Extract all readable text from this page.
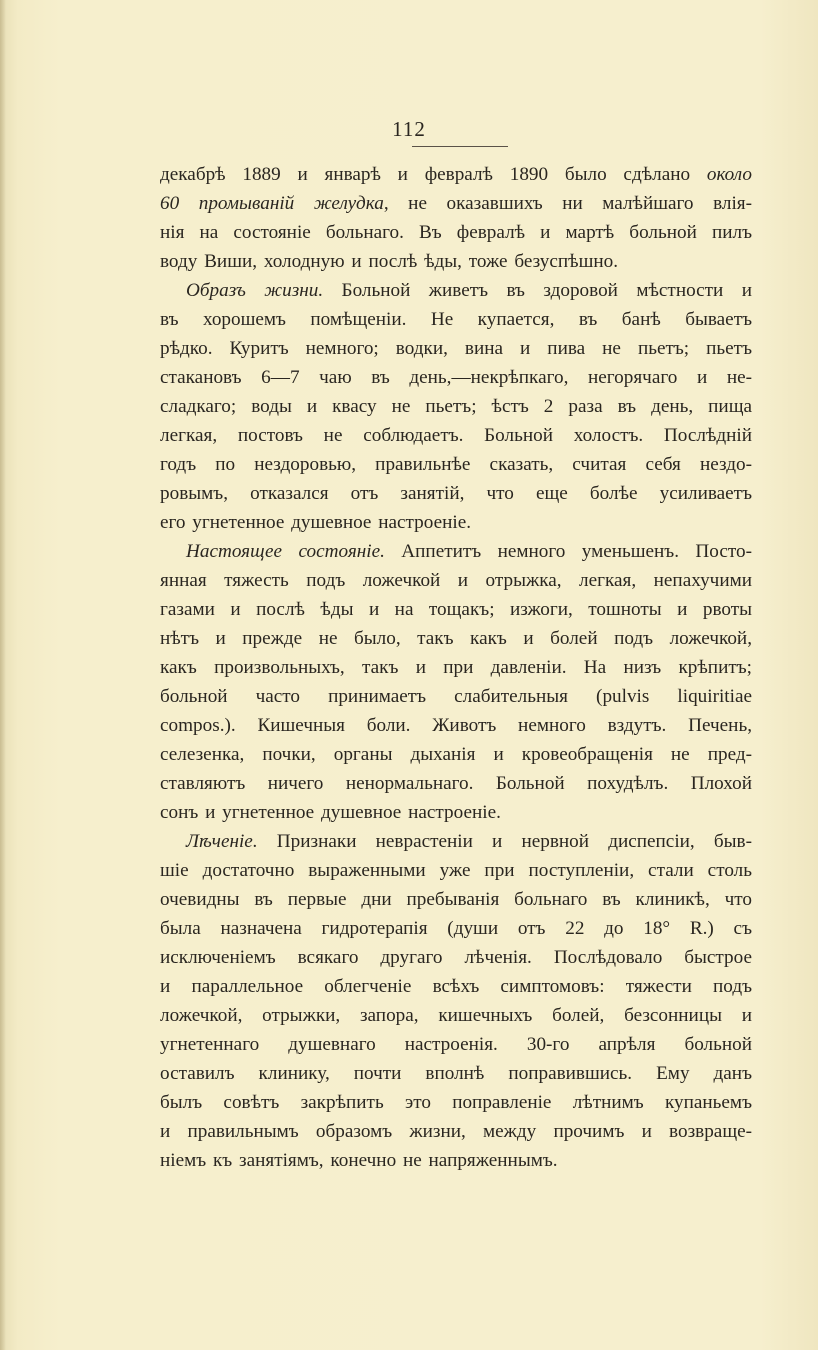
112
декабрѣ 1889 и январѣ и февралѣ 1890 было сдѣлано около
60 промываній желудка, не оказавшихъ ни малѣйшаго влія-
нія на состояніе больнаго. Въ февралѣ и мартѣ больной пилъ
воду Виши, холодную и послѣ ѣды, тоже безуспѣшно.
Образъ жизни. Больной живетъ въ здоровой мѣстности и
въ хорошемъ помѣщеніи. Не купается, въ банѣ бываетъ
рѣдко. Куритъ немного; водки, вина и пива не пьетъ; пьетъ
стакановъ 6—7 чаю въ день,—некрѣпкаго, негорячаго и не-
сладкаго; воды и квасу не пьетъ; ѣстъ 2 раза въ день, пища
легкая, постовъ не соблюдаетъ. Больной холостъ. Послѣдній
годъ по нездоровью, правильнѣе сказать, считая себя нездо-
ровымъ, отказался отъ занятій, что еще болѣе усиливаетъ
его угнетенное душевное настроеніе.
Настоящее состояніе. Аппетитъ немного уменьшенъ. Посто-
янная тяжесть подъ ложечкой и отрыжка, легкая, непахучими
газами и послѣ ѣды и на тощакъ; изжоги, тошноты и рвоты
нѣтъ и прежде не было, такъ какъ и болей подъ ложечкой,
какъ произвольныхъ, такъ и при давленіи. На низъ крѣпитъ;
больной часто принимаетъ слабительныя (pulvis liquiritiae
compos.). Кишечныя боли. Животъ немного вздутъ. Печень,
селезенка, почки, органы дыханія и кровеобращенія не пред-
ставляютъ ничего ненормальнаго. Больной похудѣлъ. Плохой
сонъ и угнетенное душевное настроеніе.
Лѣченіе. Признаки неврастеніи и нервной диспепсіи, быв-
шіе достаточно выраженными уже при поступленіи, стали столь
очевидны въ первые дни пребыванія больнаго въ клиникѣ, что
была назначена гидротерапія (души отъ 22 до 18° R.) съ
исключеніемъ всякаго другаго лѣченія. Послѣдовало быстрое
и параллельное облегченіе всѣхъ симптомовъ: тяжести подъ
ложечкой, отрыжки, запора, кишечныхъ болей, безсонницы и
угнетеннаго душевнаго настроенія. 30-го апрѣля больной
оставилъ клинику, почти вполнѣ поправившись. Ему данъ
былъ совѣтъ закрѣпить это поправленіе лѣтнимъ купаньемъ
и правильнымъ образомъ жизни, между прочимъ и возвраще-
ніемъ къ занятіямъ, конечно не напряженнымъ.
